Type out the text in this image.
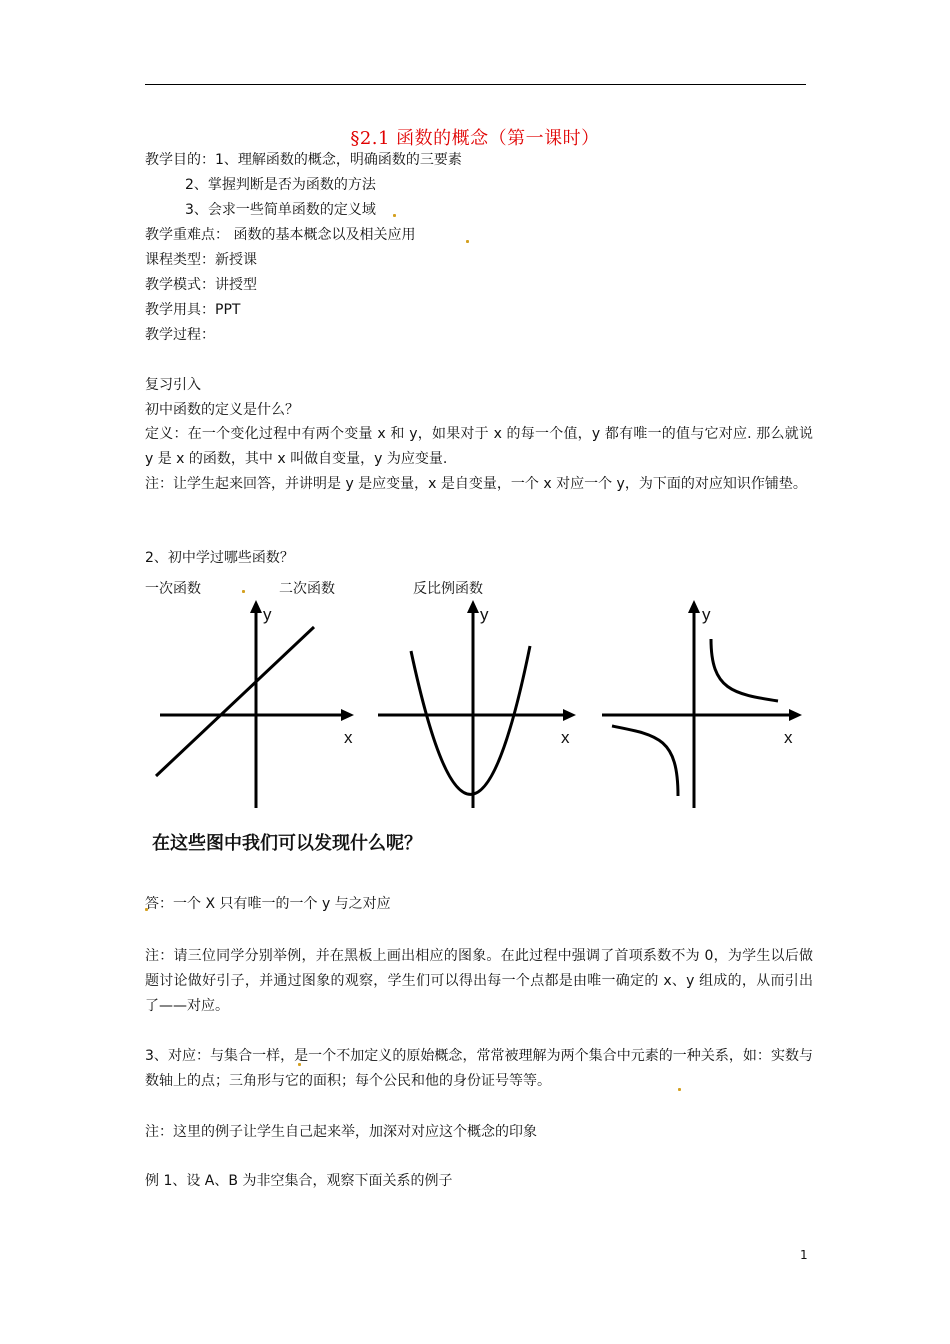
§2.1 函数的概念（第一课时）
教学目的：1、理解函数的概念，明确函数的三要素
2、掌握判断是否为函数的方法
3、会求一些简单函数的定义域
教学重难点： 函数的基本概念以及相关应用
课程类型：新授课
教学模式：讲授型
教学用具：PPT
教学过程：
复习引入
初中函数的定义是什么？
定义：在一个变化过程中有两个变量 x 和 y，如果对于 x 的每一个值，y 都有唯一的值与它对应. 那么就说 y 是 x 的函数，其中 x 叫做自变量，y 为应变量.
注：让学生起来回答，并讲明是 y 是应变量，x 是自变量，一个 x 对应一个 y，为下面的对应知识作铺垫。
2、初中学过哪些函数？
一次函数	二次函数	反比例函数
y
x
y
x
y
x
在这些图中我们可以发现什么呢？
答：一个 X 只有唯一的一个 y 与之对应
注：请三位同学分别举例，并在黑板上画出相应的图象。在此过程中强调了首项系数不为 0，为学生以后做题讨论做好引子，并通过图象的观察，学生们可以得出每一个点都是由唯一确定的 x、y 组成的，从而引出了——对应。
3、对应：与集合一样，是一个不加定义的原始概念，常常被理解为两个集合中元素的一种关系，如：实数与数轴上的点；三角形与它的面积；每个公民和他的身份证号等等。
注：这里的例子让学生自己起来举，加深对对应这个概念的印象
例 1、设 A、B 为非空集合，观察下面关系的例子
1
